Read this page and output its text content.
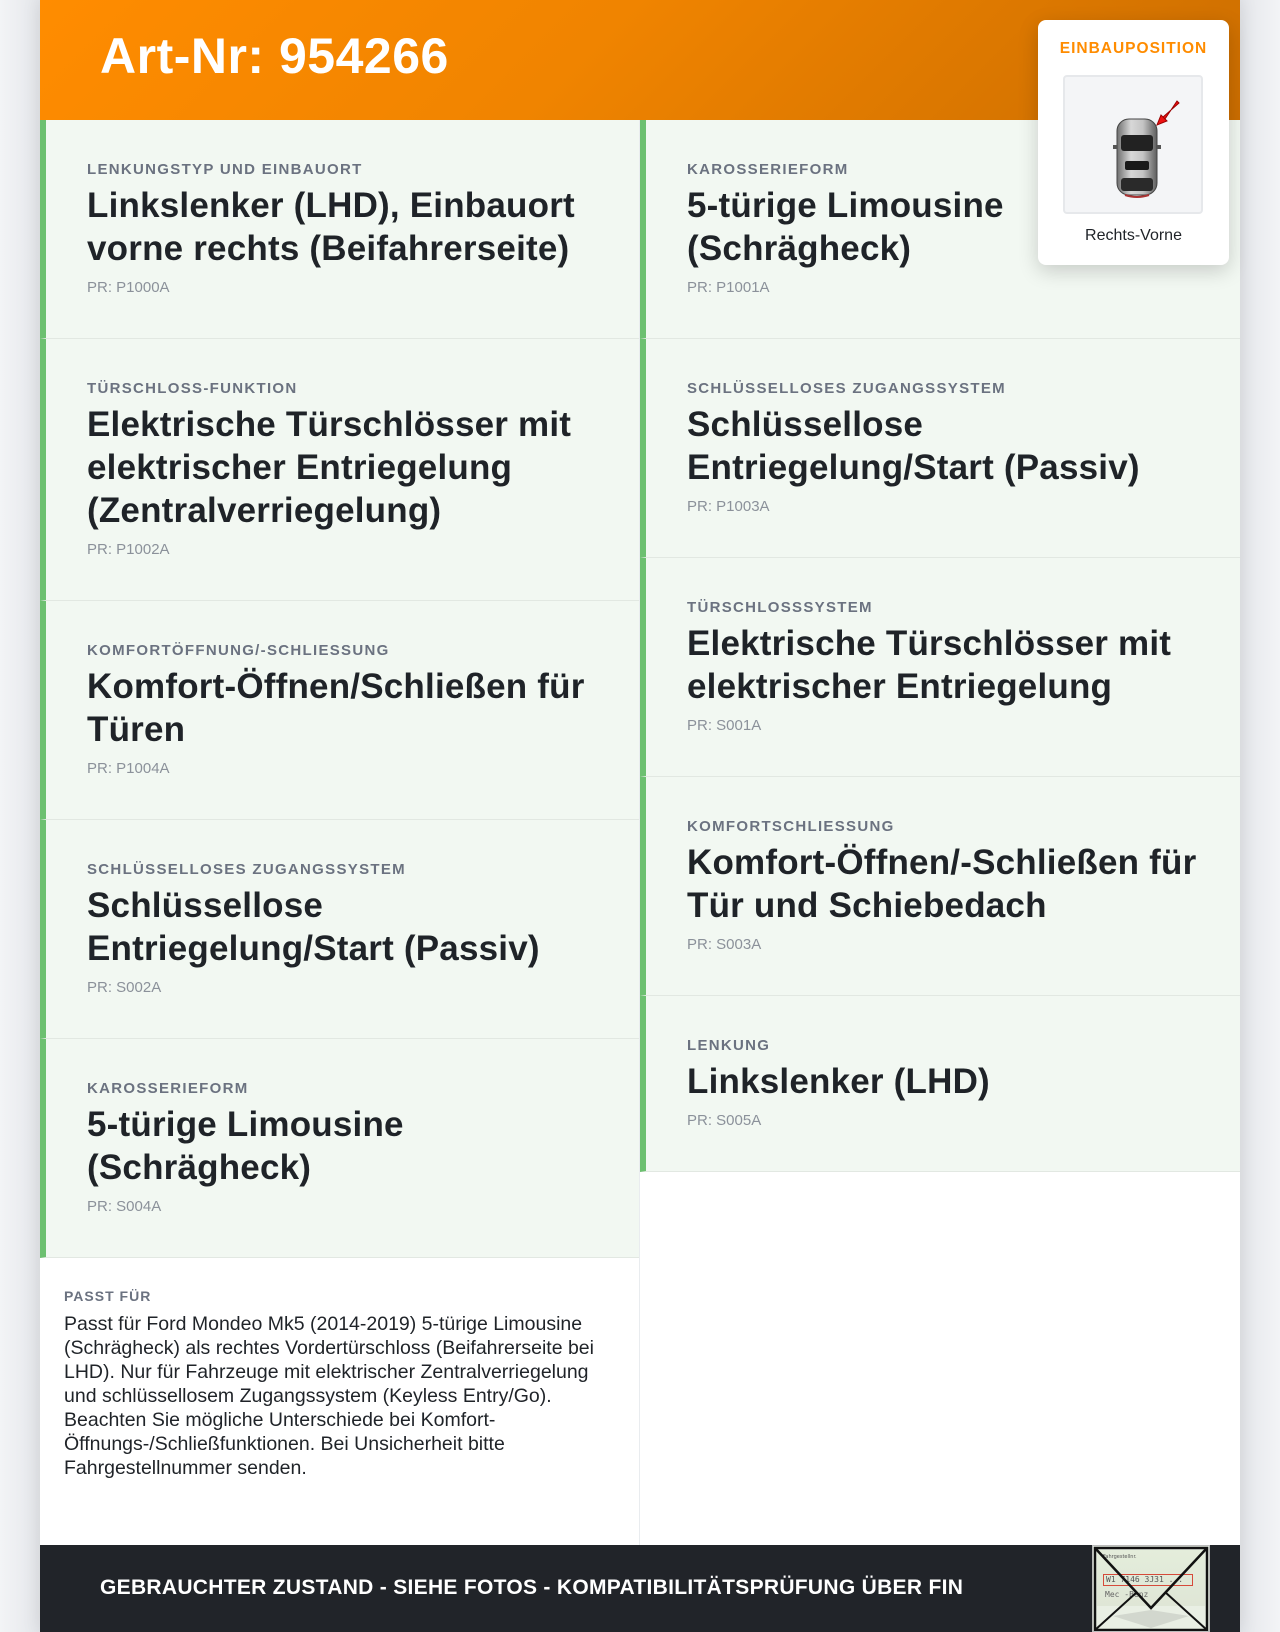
Art-Nr: 954266
LENKUNGSTYP UND EINBAUORT
Linkslenker (LHD), Einbauort vorne rechts (Beifahrerseite)
PR: P1000A
TÜRSCHLOSS-FUNKTION
Elektrische Türschlösser mit elektrischer Entriegelung (Zentralverriegelung)
PR: P1002A
KOMFORTÖFFNUNG/-SCHLIESSUNG
Komfort-Öffnen/Schließen für Türen
PR: P1004A
SCHLÜSSELLOSES ZUGANGSSYSTEM
Schlüssellose Entriegelung/Start (Passiv)
PR: S002A
KAROSSERIEFORM
5-türige Limousine (Schrägheck)
PR: S004A
PASST FÜR
Passt für Ford Mondeo Mk5 (2014-2019) 5-türige Limousine (Schrägheck) als rechtes Vordertürschloss (Beifahrerseite bei LHD). Nur für Fahrzeuge mit elektrischer Zentralverriegelung und schlüssellosem Zugangssystem (Keyless Entry/Go). Beachten Sie mögliche Unterschiede bei Komfort-Öffnungs-/Schließfunktionen. Bei Unsicherheit bitte Fahrgestellnummer senden.
KAROSSERIEFORM
5-türige Limousine (Schrägheck)
PR: P1001A
SCHLÜSSELLOSES ZUGANGSSYSTEM
Schlüssellose Entriegelung/Start (Passiv)
PR: P1003A
TÜRSCHLOSSSYSTEM
Elektrische Türschlösser mit elektrischer Entriegelung
PR: S001A
KOMFORTSCHLIESSUNG
Komfort-Öffnen/-Schließen für Tür und Schiebedach
PR: S003A
LENKUNG
Linkslenker (LHD)
PR: S005A
GEBRAUCHTER ZUSTAND - SIEHE FOTOS - KOMPATIBILITÄTSPRÜFUNG ÜBER FIN
Fahrgestellnr.
W1 7146 3J31 ...
Mec -Benz
EINBAUPOSITION
Rechts-Vorne
